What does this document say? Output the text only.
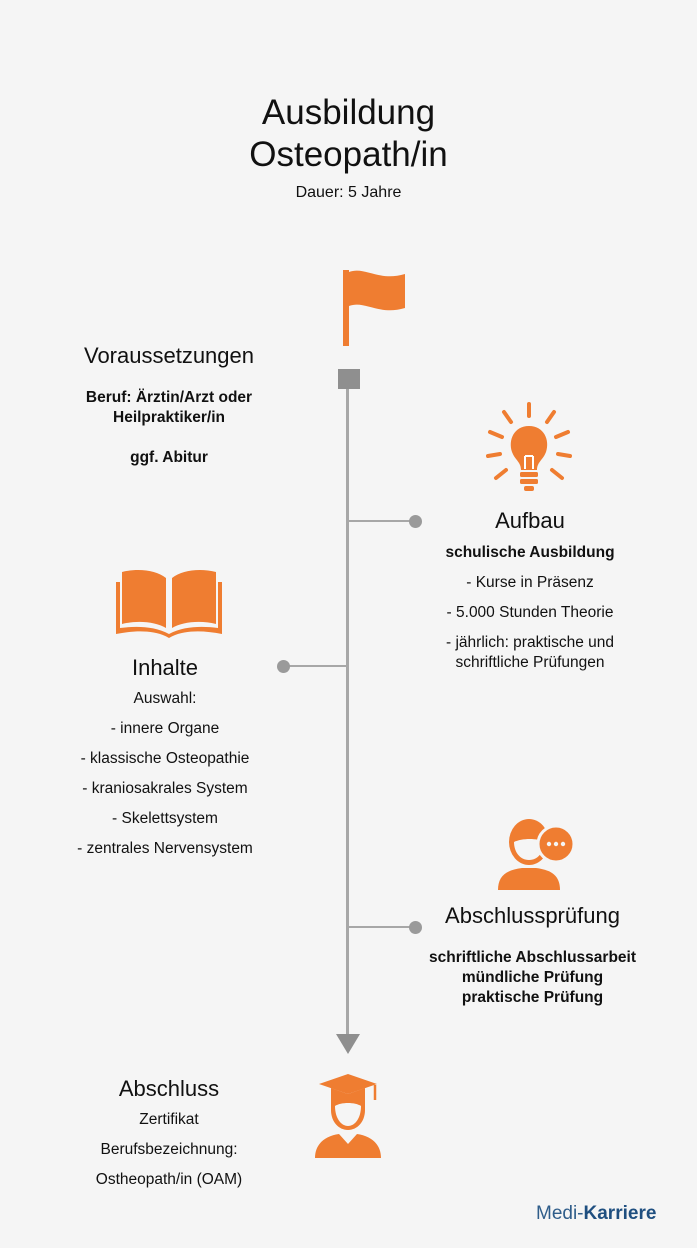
Ausbildung
Osteopath/in
Dauer: 5 Jahre
Voraussetzungen
Beruf: Ärztin/Arzt oder
Heilpraktiker/in
ggf. Abitur
Aufbau
schulische Ausbildung
- Kurse in Präsenz
- 5.000 Stunden Theorie
- jährlich: praktische und
schriftliche Prüfungen
Inhalte
Auswahl:
- innere Organe
- klassische Osteopathie
- kraniosakrales System
- Skelettsystem
- zentrales Nervensystem
Abschlussprüfung
schriftliche Abschlussarbeit
mündliche Prüfung
praktische Prüfung
Abschluss
Zertifikat
Berufsbezeichnung:
Ostheopath/in (OAM)
Medi-Karriere
